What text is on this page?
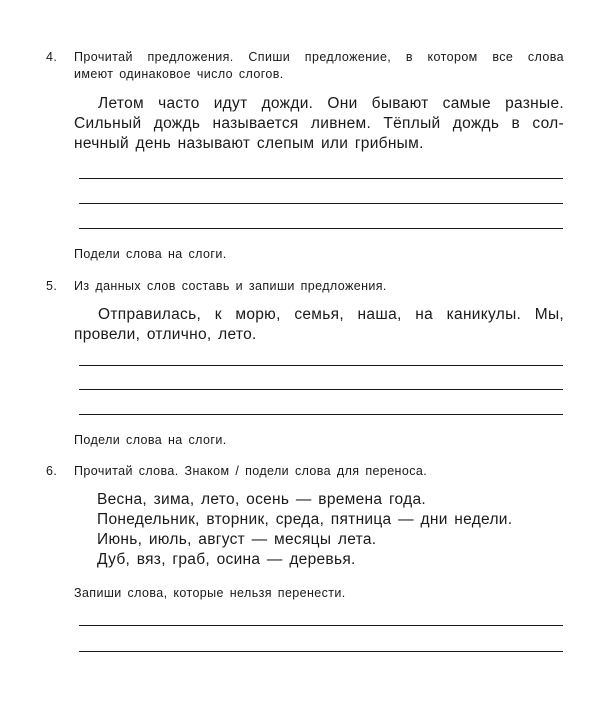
4. Прочитай предложения. Спиши предложение, в котором все слова
имеют одинаковое число слогов.
Летом часто идут дожди. Они бывают самые разные.
Сильный дождь называется ливнем. Тёплый дождь в сол-
нечный день называют слепым или грибным.
Подели слова на слоги.
5. Из данных слов составь и запиши предложения.
Отправилась, к морю, семья, наша, на каникулы. Мы,
провели, отлично, лето.
Подели слова на слоги.
6. Прочитай слова. Знаком / подели слова для переноса.
Весна, зима, лето, осень — времена года.
Понедельник, вторник, среда, пятница — дни недели.
Июнь, июль, август — месяцы лета.
Дуб, вяз, граб, осина — деревья.
Запиши слова, которые нельзя перенести.
